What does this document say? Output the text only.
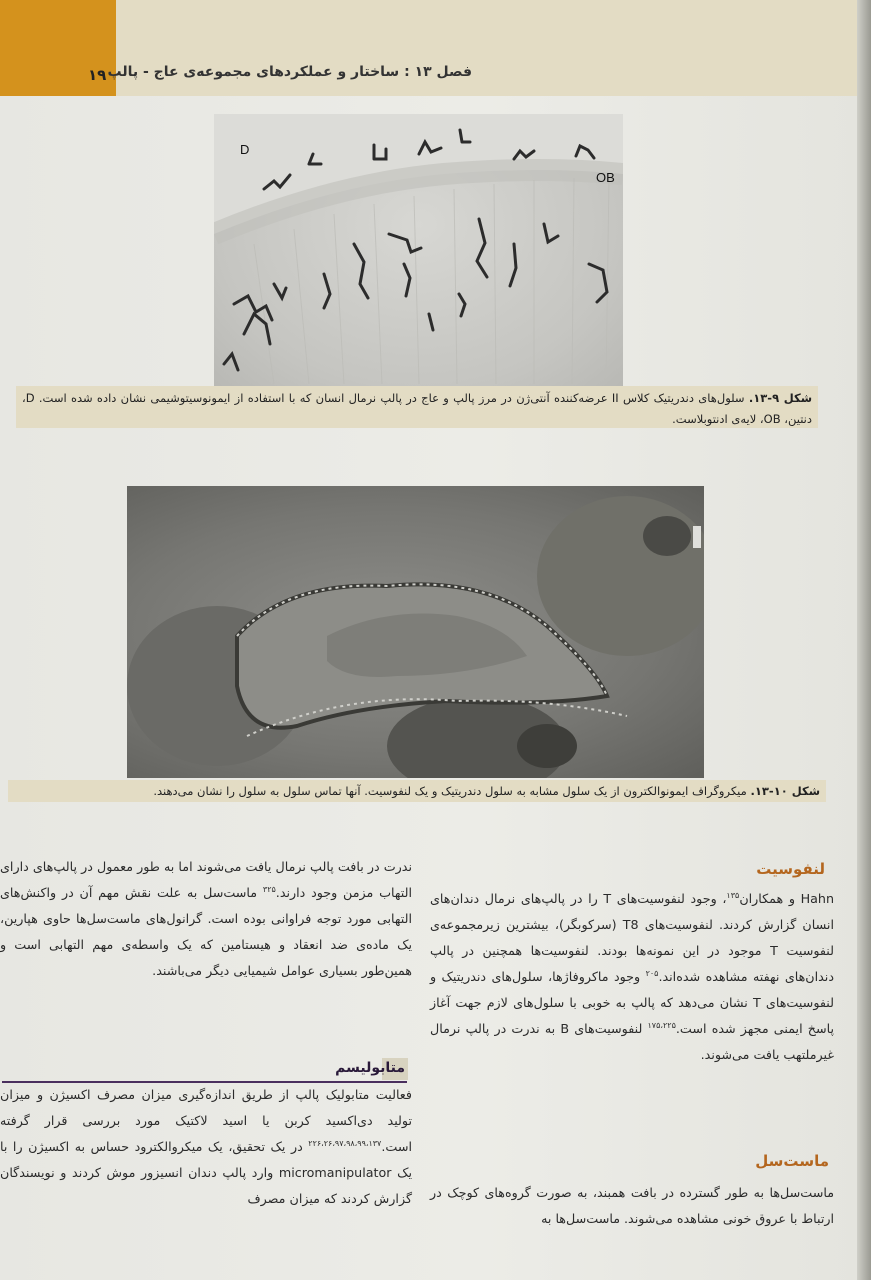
۱۹ فصل ۱۳ : ساختار و عملکردهای مجموعه‌ی عاج - پالپ
D
OB
شکل ۹-۱۳. سلول‌های دندریتیک کلاس II عرضه‌کننده آنتی‌ژن در مرز پالپ و عاج در پالپ نرمال انسان که با استفاده از ایمونوسیتوشیمی نشان داده شده است. D، دنتین، OB، لایه‌ی ادنتوبلاست.
شکل ۱۰-۱۳. میکروگراف ایمونوالکترون از یک سلول مشابه به سلول دندریتیک و یک لنفوسیت. آنها تماس سلول به سلول را نشان می‌دهند.
لنفوسیت

Hahn و همکاران$^{۱۳۵}$، وجود لنفوسیت‌های T را در پالپ‌های نرمال دندان‌های انسان گزارش کردند. لنفوسیت‌های T8 (سرکوبگر)، بیشترین زیرمجموعه‌ی لنفوسیت T موجود در این نمونه‌ها بودند. لنفوسیت‌ها همچنین در پالپ دندان‌های نهفته مشاهده شده‌اند.$^{۲۰۵}$ وجود ماکروفاژها، سلول‌های دندریتیک و لنفوسیت‌های T نشان می‌دهد که پالپ به خوبی با سلول‌های لازم جهت آغاز پاسخ ایمنی مجهز شده است.$^{۱۷۵،۲۲۵}$ لنفوسیت‌های B به ندرت در پالپ نرمال غیرملتهب یافت می‌شوند.

ماست‌سل

ماست‌سل‌ها به طور گسترده در بافت همبند، به صورت گروه‌های کوچک در ارتباط با عروق خونی مشاهده می‌شوند. ماست‌سل‌ها به

ندرت در بافت پالپ نرمال یافت می‌شوند اما به طور معمول در پالپ‌های دارای التهاب مزمن وجود دارند.$^{۳۲۵}$ ماست‌سل به علت نقش مهم آن در واکنش‌های التهابی مورد توجه فراوانی بوده است. گرانول‌های ماست‌سل‌ها حاوی هپارین، یک ماده‌ی ضد انعقاد و هیستامین که یک واسطه‌ی مهم التهابی است و همین‌طور بسیاری عوامل شیمیایی دیگر می‌باشند.

متابولیسم

فعالیت متابولیک پالپ از طریق اندازه‌گیری میزان مصرف اکسیژن و میزان تولید دی‌اکسید کربن یا اسید لاکتیک مورد بررسی قرار گرفته است.$^{۲۲۶،۲۶،۹۷،۹۸،۹۹،۱۳۷}$ در یک تحقیق، یک میکروالکترود حساس به اکسیژن را با یک micromanipulator وارد پالپ دندان انسیزور موش کردند و نویسندگان گزارش کردند که میزان مصرف
